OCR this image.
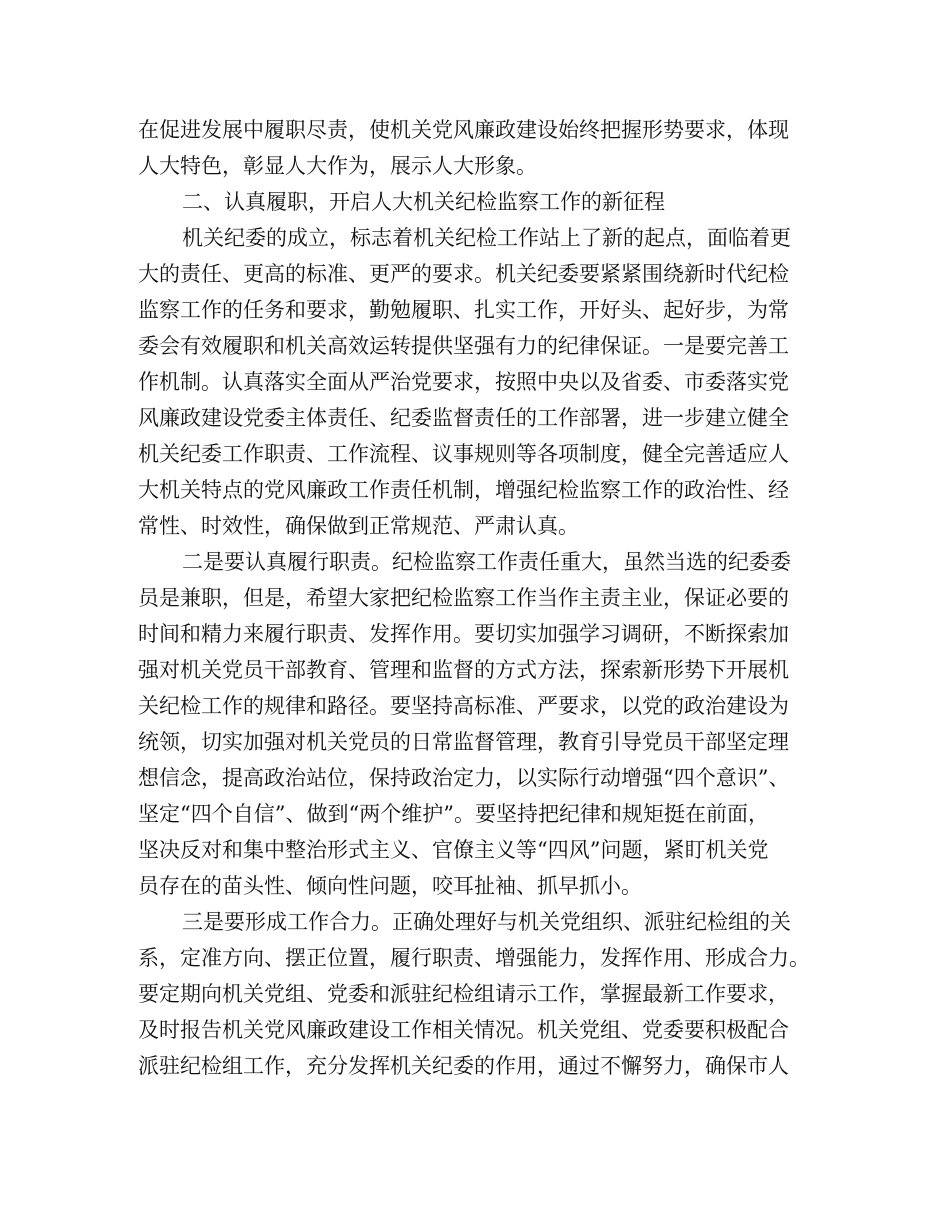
在促进发展中履职尽责，使机关党风廉政建设始终把握形势要求，体现
人大特色，彰显人大作为，展示人大形象。
二、认真履职，开启人大机关纪检监察工作的新征程
机关纪委的成立，标志着机关纪检工作站上了新的起点，面临着更
大的责任、更高的标准、更严的要求。机关纪委要紧紧围绕新时代纪检
监察工作的任务和要求，勤勉履职、扎实工作，开好头、起好步，为常
委会有效履职和机关高效运转提供坚强有力的纪律保证。一是要完善工
作机制。认真落实全面从严治党要求，按照中央以及省委、市委落实党
风廉政建设党委主体责任、纪委监督责任的工作部署，进一步建立健全
机关纪委工作职责、工作流程、议事规则等各项制度，健全完善适应人
大机关特点的党风廉政工作责任机制，增强纪检监察工作的政治性、经
常性、时效性，确保做到正常规范、严肃认真。
二是要认真履行职责。纪检监察工作责任重大，虽然当选的纪委委
员是兼职，但是，希望大家把纪检监察工作当作主责主业，保证必要的
时间和精力来履行职责、发挥作用。要切实加强学习调研，不断探索加
强对机关党员干部教育、管理和监督的方式方法，探索新形势下开展机
关纪检工作的规律和路径。要坚持高标准、严要求，以党的政治建设为
统领，切实加强对机关党员的日常监督管理，教育引导党员干部坚定理
想信念，提高政治站位，保持政治定力，以实际行动增强“四个意识”、
坚定“四个自信”、做到“两个维护”。要坚持把纪律和规矩挺在前面，
坚决反对和集中整治形式主义、官僚主义等“四风”问题，紧盯机关党
员存在的苗头性、倾向性问题，咬耳扯袖、抓早抓小。
三是要形成工作合力。正确处理好与机关党组织、派驻纪检组的关
系，定准方向、摆正位置，履行职责、增强能力，发挥作用、形成合力。
要定期向机关党组、党委和派驻纪检组请示工作，掌握最新工作要求，
及时报告机关党风廉政建设工作相关情况。机关党组、党委要积极配合
派驻纪检组工作，充分发挥机关纪委的作用，通过不懈努力，确保市人
